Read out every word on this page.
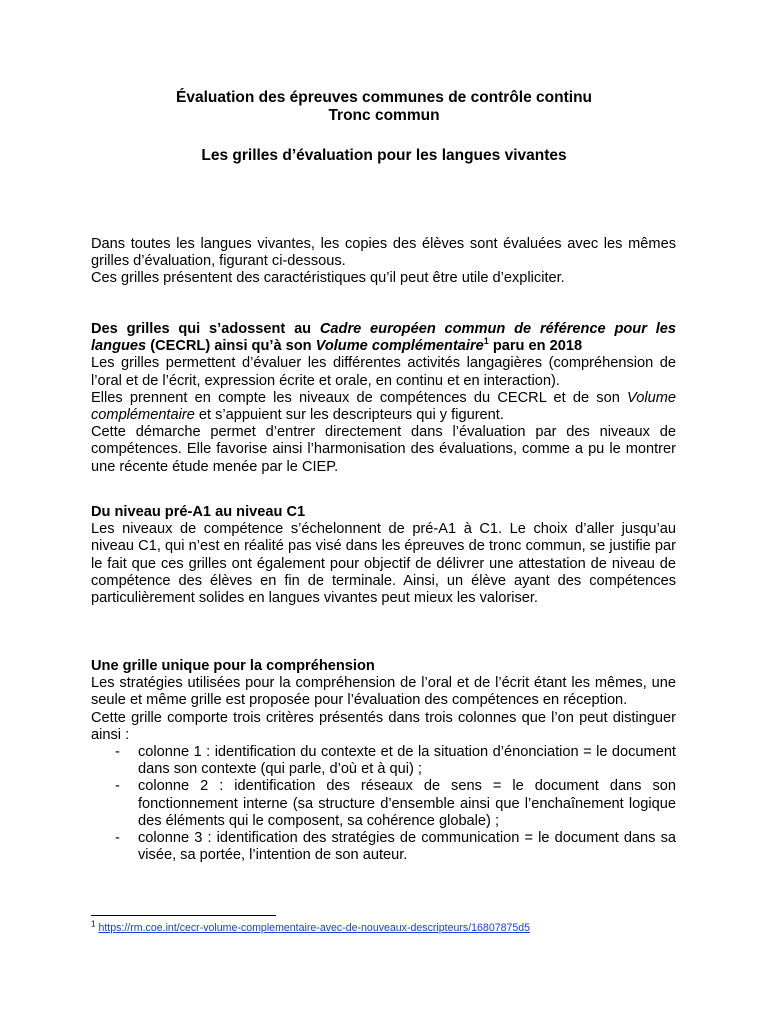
Évaluation des épreuves communes de contrôle continu
Tronc commun
Les grilles d’évaluation pour les langues vivantes

Dans toutes les langues vivantes, les copies des élèves sont évaluées avec les mêmes grilles d’évaluation, figurant ci-dessous.

Ces grilles présentent des caractéristiques qu’il peut être utile d’expliciter.

Des grilles qui s’adossent au Cadre européen commun de référence pour les langues (CECRL) ainsi qu’à son Volume complémentaire$^1$ paru en 2018

Les grilles permettent d’évaluer les différentes activités langagières (compréhension de l’oral et de l’écrit, expression écrite et orale, en continu et en interaction).

Elles prennent en compte les niveaux de compétences du CECRL et de son Volume complémentaire et s’appuient sur les descripteurs qui y figurent.

Cette démarche permet d’entrer directement dans l’évaluation par des niveaux de compétences. Elle favorise ainsi l’harmonisation des évaluations, comme a pu le montrer une récente étude menée par le CIEP.

Du niveau pré-A1 au niveau C1

Les niveaux de compétence s’échelonnent de pré-A1 à C1. Le choix d’aller jusqu’au niveau C1, qui n’est en réalité pas visé dans les épreuves de tronc commun, se justifie par le fait que ces grilles ont également pour objectif de délivrer une attestation de niveau de compétence des élèves en fin de terminale. Ainsi, un élève ayant des compétences particulièrement solides en langues vivantes peut mieux les valoriser.

Une grille unique pour la compréhension

Les stratégies utilisées pour la compréhension de l’oral et de l’écrit étant les mêmes, une seule et même grille est proposée pour l’évaluation des compétences en réception.

Cette grille comporte trois critères présentés dans trois colonnes que l’on peut distinguer ainsi :

- colonne 1 : identification du contexte et de la situation d’énonciation = le document dans son contexte (qui parle, d’où et à qui) ;
- colonne 2 : identification des réseaux de sens = le document dans son fonctionnement interne (sa structure d’ensemble ainsi que l’enchaînement logique des éléments qui le composent, sa cohérence globale) ;
- colonne 3 : identification des stratégies de communication = le document dans sa visée, sa portée, l’intention de son auteur.
$^1$ https://rm.coe.int/cecr-volume-complementaire-avec-de-nouveaux-descripteurs/16807875d5
